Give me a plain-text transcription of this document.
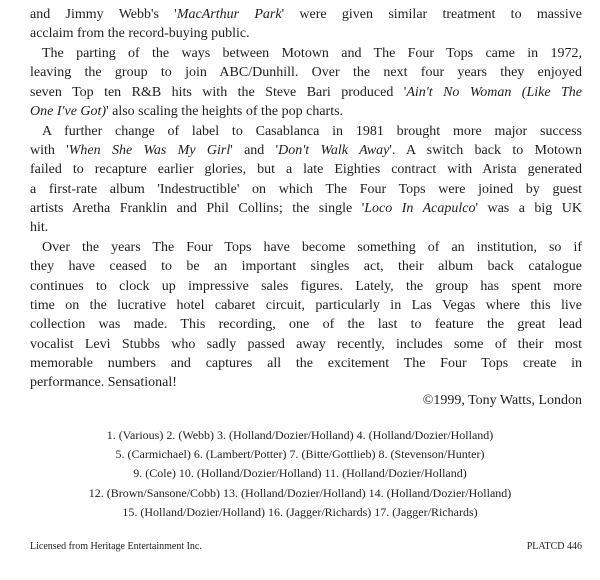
and Jimmy Webb's 'MacArthur Park' were given similar treatment to massive
acclaim from the record-buying public.

The parting of the ways between Motown and The Four Tops came in 1972,
leaving the group to join ABC/Dunhill. Over the next four years they enjoyed
seven Top ten R&B hits with the Steve Bari produced 'Ain't No Woman (Like The
One I've Got)' also scaling the heights of the pop charts.

A further change of label to Casablanca in 1981 brought more major success
with 'When She Was My Girl' and 'Don't Walk Away'. A switch back to Motown
failed to recapture earlier glories, but a late Eighties contract with Arista generated
a first-rate album 'Indestructible' on which The Four Tops were joined by guest
artists Aretha Franklin and Phil Collins; the single 'Loco In Acapulco' was a big UK
hit.

Over the years The Four Tops have become something of an institution, so if
they have ceased to be an important singles act, their album back catalogue
continues to clock up impressive sales figures. Lately, the group has spent more
time on the lucrative hotel cabaret circuit, particularly in Las Vegas where this live
collection was made. This recording, one of the last to feature the great lead
vocalist Levi Stubbs who sadly passed away recently, includes some of their most
memorable numbers and captures all the excitement The Four Tops create in
performance. Sensational!

©1999, Tony Watts, London
1. (Various) 2. (Webb) 3. (Holland/Dozier/Holland) 4. (Holland/Dozier/Holland)
5. (Carmichael) 6. (Lambert/Potter) 7. (Bitte/Gottlieb) 8. (Stevenson/Hunter)
9. (Cole) 10. (Holland/Dozier/Holland) 11. (Holland/Dozier/Holland)
12. (Brown/Sansone/Cobb) 13. (Holland/Dozier/Holland) 14. (Holland/Dozier/Holland)
15. (Holland/Dozier/Holland) 16. (Jagger/Richards) 17. (Jagger/Richards)
Licensed from Heritage Entertainment Inc.	PLATCD 446
